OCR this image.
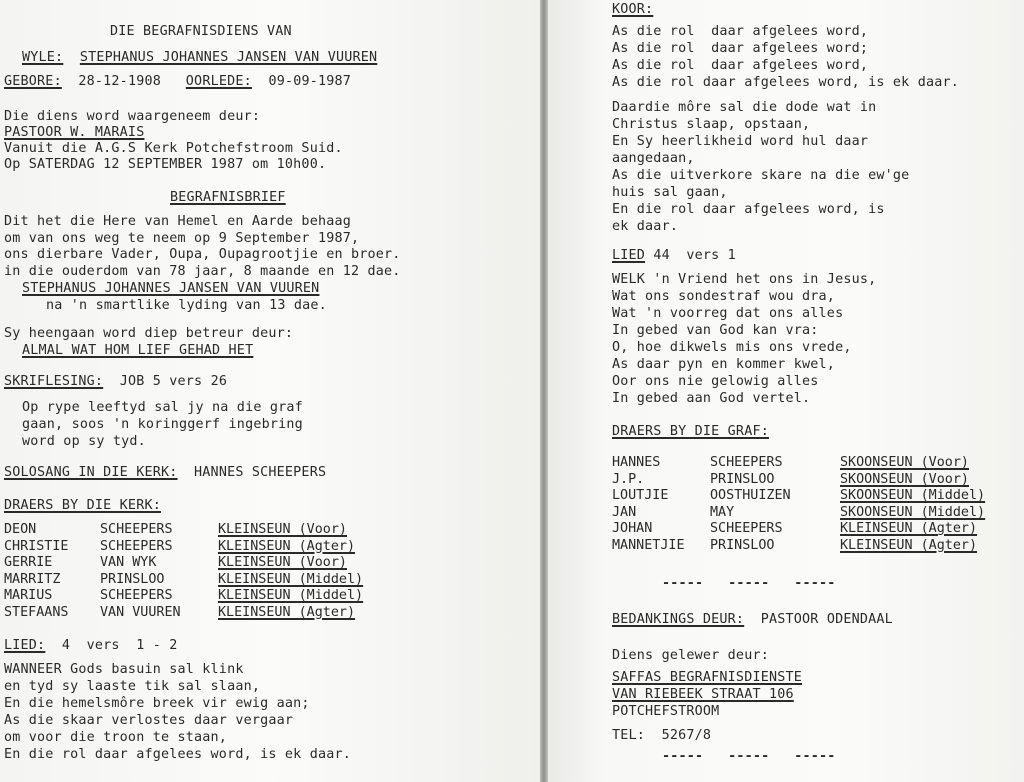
DIE BEGRAFNISDIENS VAN
WYLE: STEPHANUS JOHANNES JANSEN VAN VUUREN
GEBORE: 28-12-1908 OORLEDE: 09-09-1987
Die diens word waargeneem deur:
PASTOOR W. MARAIS
Vanuit die A.G.S Kerk Potchefstroom Suid.
Op SATERDAG 12 SEPTEMBER 1987 om 10h00.
BEGRAFNISBRIEF
Dit het die Here van Hemel en Aarde behaag
om van ons weg te neem op 9 September 1987,
ons dierbare Vader, Oupa, Oupagrootjie en broer.
in die ouderdom van 78 jaar, 8 maande en 12 dae.
STEPHANUS JOHANNES JANSEN VAN VUUREN
na 'n smartlike lyding van 13 dae.
Sy heengaan word diep betreur deur:
ALMAL WAT HOM LIEF GEHAD HET
SKRIFLESING: JOB 5 vers 26
Op rype leeftyd sal jy na die graf
gaan, soos 'n koringgerf ingebring
word op sy tyd.
SOLOSANG IN DIE KERK: HANNES SCHEEPERS
DRAERS BY DIE KERK:
DEON	SCHEEPERS	KLEINSEUN (Voor)
CHRISTIE	SCHEEPERS	KLEINSEUN (Agter)
GERRIE	VAN WYK	KLEINSEUN (Voor)
MARRITZ	PRINSLOO	KLEINSEUN (Middel)
MARIUS	SCHEEPERS	KLEINSEUN (Middel)
STEFAANS	VAN VUUREN	KLEINSEUN (Agter)
LIED: 4  vers  1 - 2
WANNEER Gods basuin sal klink
en tyd sy laaste tik sal slaan,
En die hemelsmôre breek vir ewig aan;
As die skaar verlostes daar vergaar
om voor die troon te staan,
En die rol daar afgelees word, is ek daar.
KOOR:
As die rol  daar afgelees word,
As die rol  daar afgelees word;
As die rol  daar afgelees word,
As die rol daar afgelees word, is ek daar.
Daardie môre sal die dode wat in
Christus slaap, opstaan,
En Sy heerlikheid word hul daar
aangedaan,
As die uitverkore skare na die ew'ge
huis sal gaan,
En die rol daar afgelees word, is
ek daar.
LIED 44  vers 1
WELK 'n Vriend het ons in Jesus,
Wat ons sondestraf wou dra,
Wat 'n voorreg dat ons alles
In gebed van God kan vra:
O, hoe dikwels mis ons vrede,
As daar pyn en kommer kwel,
Oor ons nie gelowig alles
In gebed aan God vertel.
DRAERS BY DIE GRAF:
HANNES	SCHEEPERS	SKOONSEUN (Voor)
J.P.	PRINSLOO	SKOONSEUN (Voor)
LOUTJIE	OOSTHUIZEN	SKOONSEUN (Middel)
JAN	MAY	SKOONSEUN (Middel)
JOHAN	SCHEEPERS	KLEINSEUN (Agter)
MANNETJIE	PRINSLOO	KLEINSEUN (Agter)
-----   -----   -----
BEDANKINGS DEUR: PASTOOR ODENDAAL
Diens gelewer deur:
SAFFAS BEGRAFNISDIENSTE
VAN RIEBEEK STRAAT 106
POTCHEFSTROOM
TEL: 5267/8
-----   -----   -----
